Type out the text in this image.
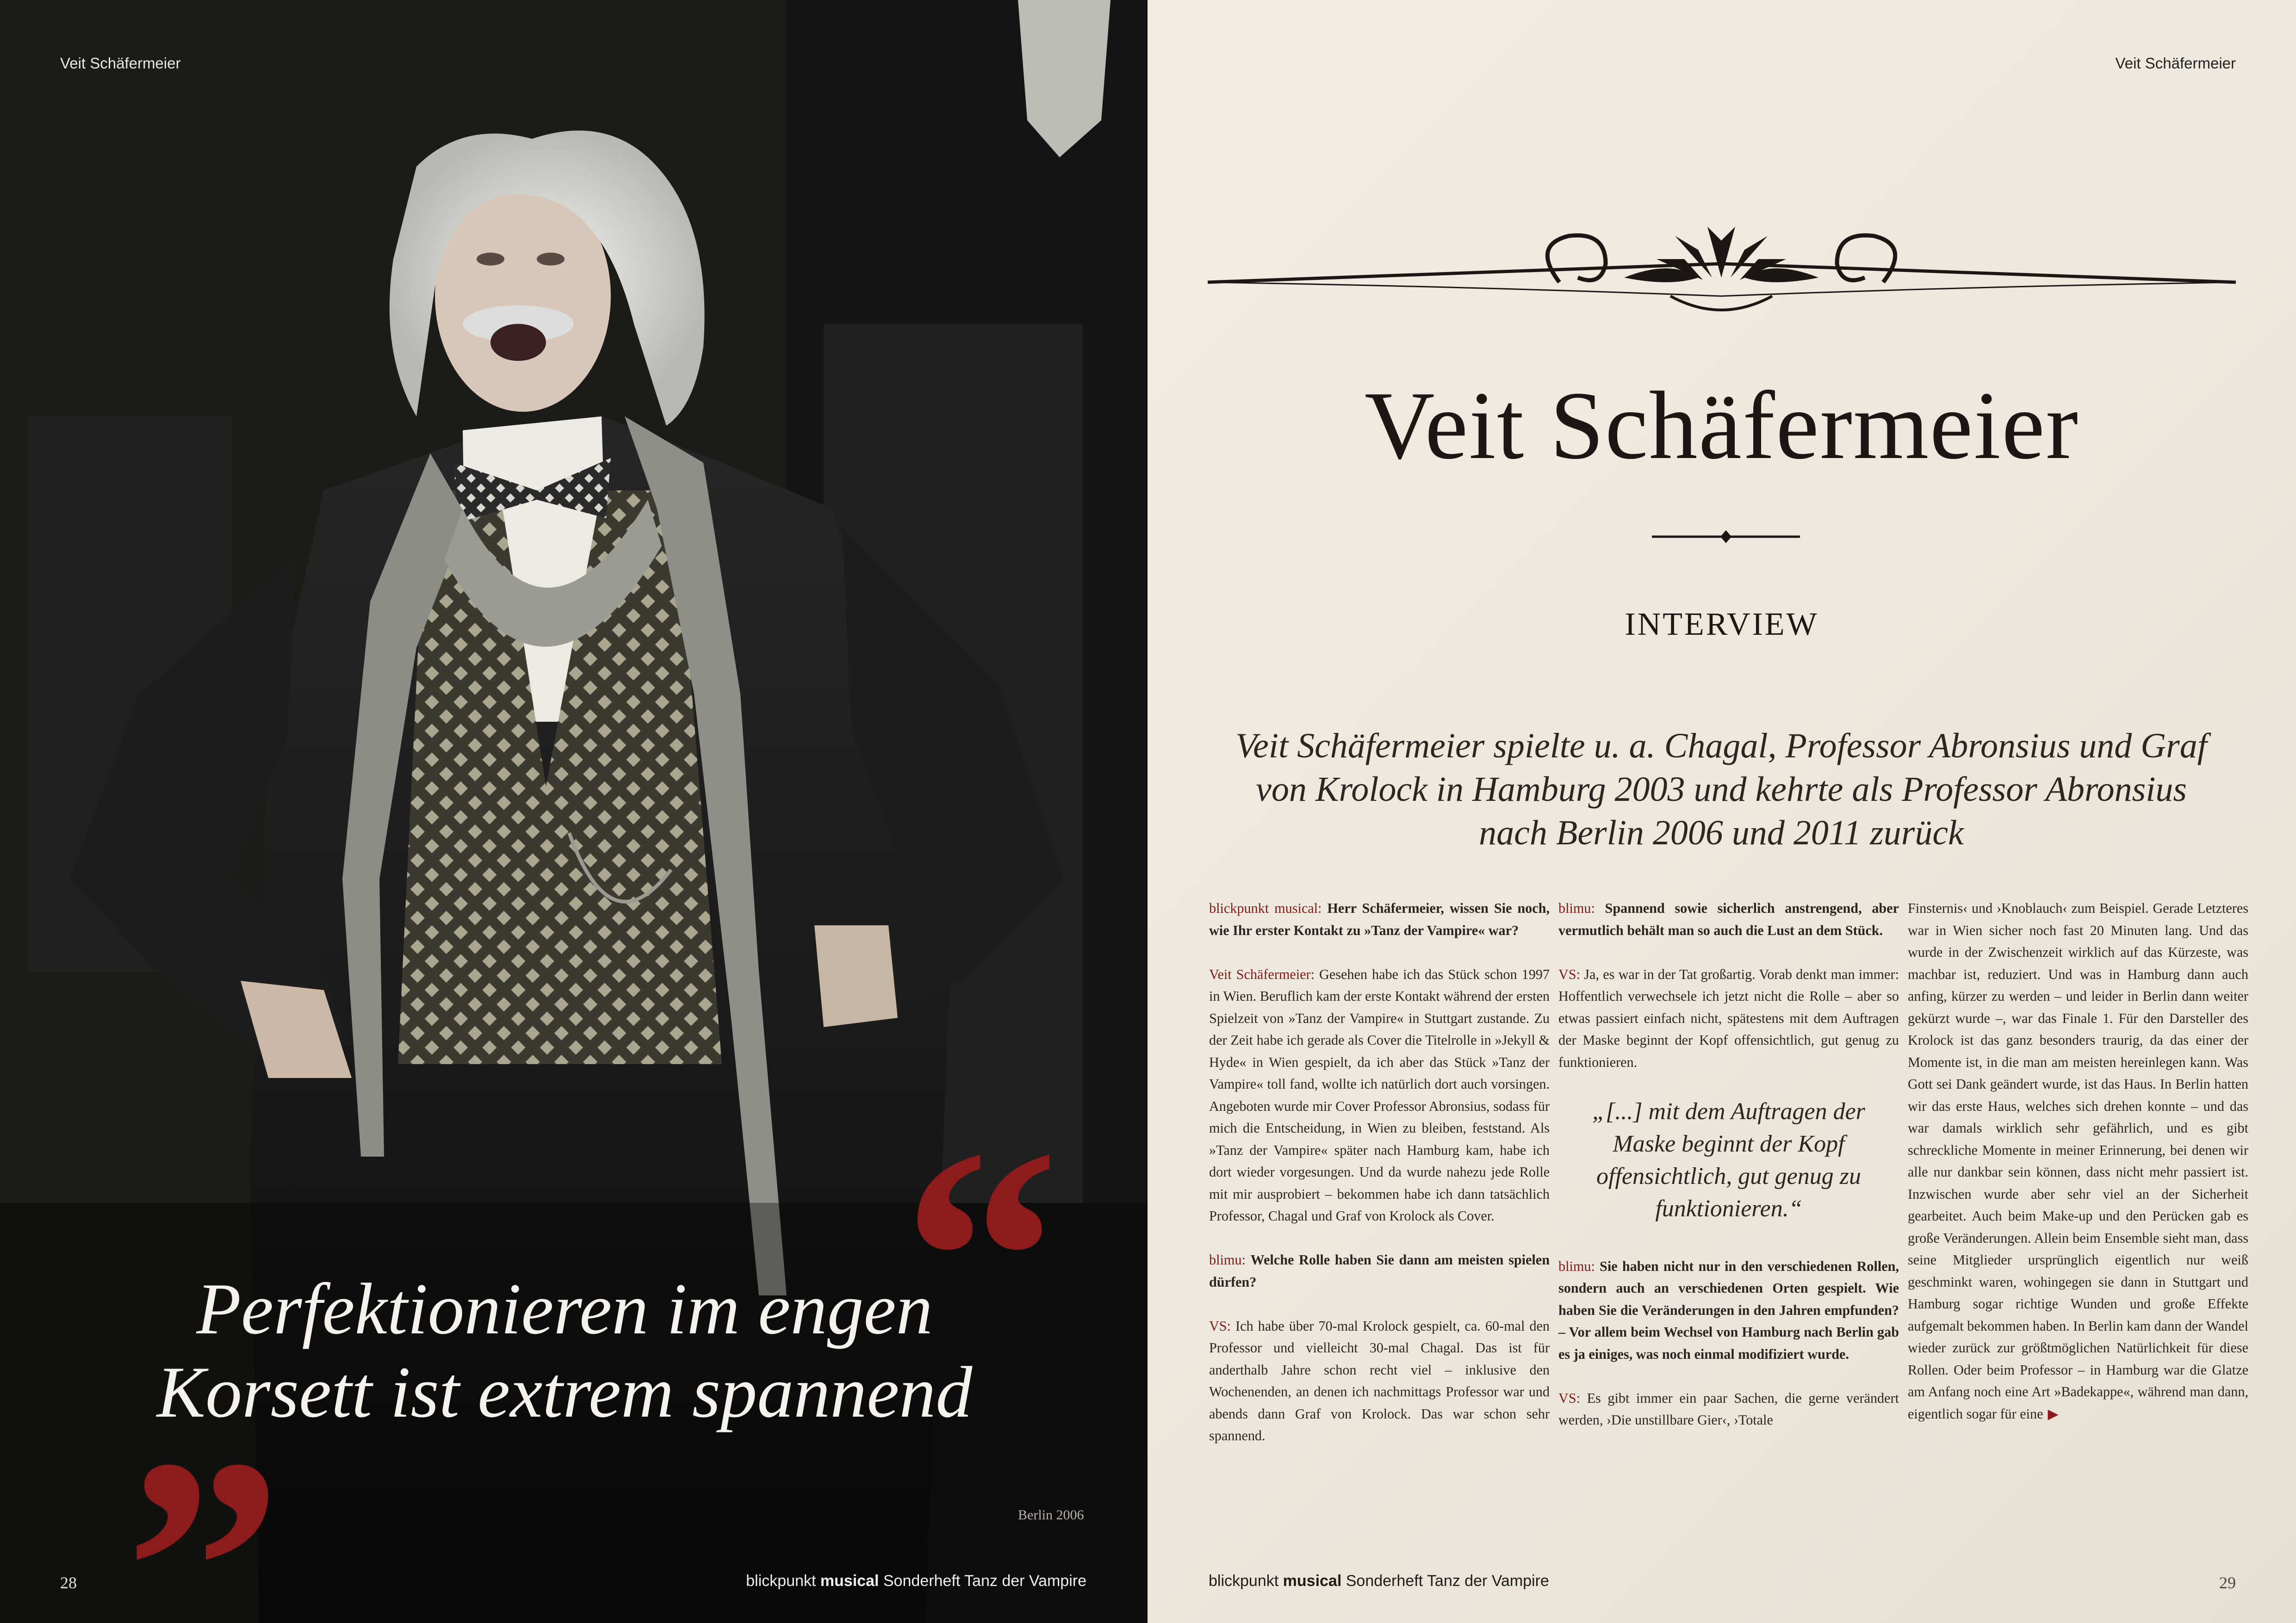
Veit Schäfermeier
“
Perfektionieren im engen
Korsett ist extrem spannend
”	Berlin 2006
28	blickpunkt musical Sonderheft Tanz der Vampire
Veit Schäfermeier
Veit Schäfermeier
INTERVIEW
Veit Schäfermeier spielte u. a. Chagal, Professor Abronsius und Graf von Krolock in Hamburg 2003 und kehrte als Professor Abronsius nach Berlin 2006 und 2011 zurück

blickpunkt musical: Herr Schäfermeier, wissen Sie noch, wie Ihr erster Kontakt zu »Tanz der Vampire« war?

Veit Schäfermeier: Gesehen habe ich das Stück schon 1997 in Wien. Beruflich kam der erste Kontakt während der ersten Spielzeit von »Tanz der Vampire« in Stuttgart zustande. Zu der Zeit habe ich gerade als Cover die Titelrolle in »Jekyll & Hyde« in Wien gespielt, da ich aber das Stück »Tanz der Vampire« toll fand, wollte ich natürlich dort auch vorsingen. Angeboten wurde mir Cover Professor Abronsius, sodass für mich die Entscheidung, in Wien zu bleiben, feststand. Als »Tanz der Vampire« später nach Hamburg kam, habe ich dort wieder vorgesungen. Und da wurde nahezu jede Rolle mit mir ausprobiert – bekommen habe ich dann tatsächlich Professor, Chagal und Graf von Krolock als Cover.

blimu: Welche Rolle haben Sie dann am meisten spielen dürfen?

VS: Ich habe über 70-mal Krolock gespielt, ca. 60-mal den Professor und vielleicht 30-mal Chagal. Das ist für anderthalb Jahre schon recht viel – inklusive den Wochenenden, an denen ich nachmittags Professor war und abends dann Graf von Krolock. Das war schon sehr spannend.

blimu: Spannend sowie sicherlich anstrengend, aber vermutlich behält man so auch die Lust an dem Stück.

VS: Ja, es war in der Tat großartig. Vorab denkt man immer: Hoffentlich verwechsele ich jetzt nicht die Rolle – aber so etwas passiert einfach nicht, spätestens mit dem Auftragen der Maske beginnt der Kopf offensichtlich, gut genug zu funktionieren.

„[...] mit dem Auftragen der Maske beginnt der Kopf offensichtlich, gut genug zu funktionieren.“

blimu: Sie haben nicht nur in den verschiedenen Rollen, sondern auch an verschiedenen Orten gespielt. Wie haben Sie die Veränderungen in den Jahren empfunden? – Vor allem beim Wechsel von Hamburg nach Berlin gab es ja einiges, was noch einmal modifiziert wurde.

VS: Es gibt immer ein paar Sachen, die gerne verändert werden, ›Die unstillbare Gier‹, ›Totale

Finsternis‹ und ›Knoblauch‹ zum Beispiel. Gerade Letzteres war in Wien sicher noch fast 20 Minuten lang. Und das wurde in der Zwischenzeit wirklich auf das Kürzeste, was machbar ist, reduziert. Und was in Hamburg dann auch anfing, kürzer zu werden – und leider in Berlin dann weiter gekürzt wurde –, war das Finale 1. Für den Darsteller des Krolock ist das ganz besonders traurig, da das einer der Momente ist, in die man am meisten hereinlegen kann. Was Gott sei Dank geändert wurde, ist das Haus. In Berlin hatten wir das erste Haus, welches sich drehen konnte – und das war damals wirklich sehr gefährlich, und es gibt schreckliche Momente in meiner Erinnerung, bei denen wir alle nur dankbar sein können, dass nicht mehr passiert ist. Inzwischen wurde aber sehr viel an der Sicherheit gearbeitet. Auch beim Make-up und den Perücken gab es große Veränderungen. Allein beim Ensemble sieht man, dass seine Mitglieder ursprünglich eigentlich nur weiß geschminkt waren, wohingegen sie dann in Stuttgart und Hamburg sogar richtige Wunden und große Effekte aufgemalt bekommen haben. In Berlin kam dann der Wandel wieder zurück zur größtmöglichen Natürlichkeit für diese Rollen. Oder beim Professor – in Hamburg war die Glatze am Anfang noch eine Art »Badekappe«, während man dann, eigentlich sogar für eine ▶

blickpunkt musical Sonderheft Tanz der Vampire	29
